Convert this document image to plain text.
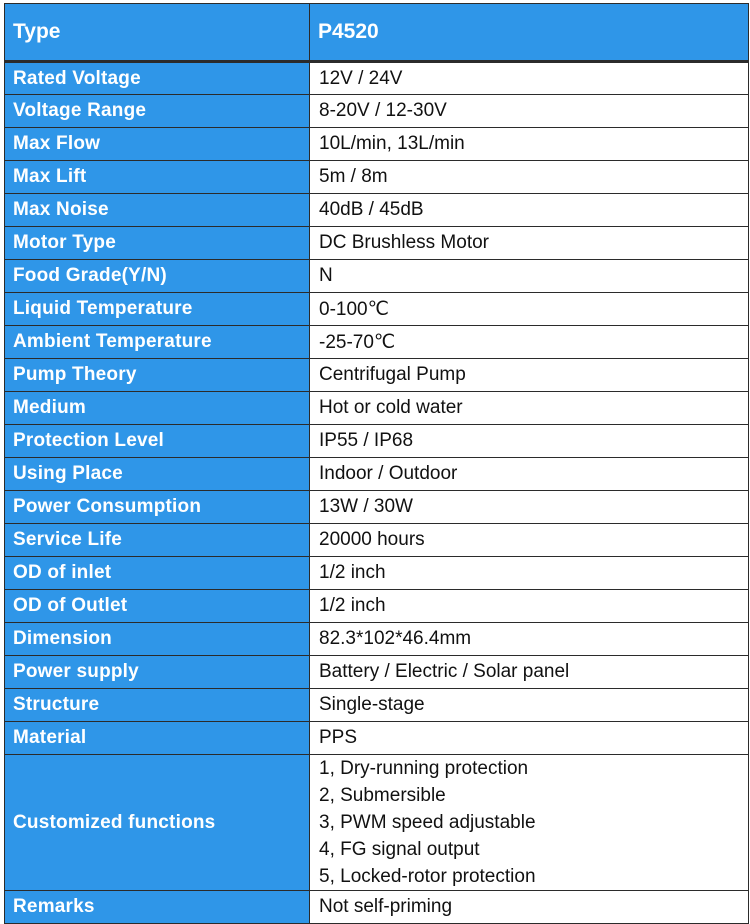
Type	P4520
Rated Voltage	12V / 24V
Voltage Range	8-20V / 12-30V
Max Flow	10L/min, 13L/min
Max Lift	5m / 8m
Max Noise	40dB / 45dB
Motor Type	DC Brushless Motor
Food Grade(Y/N)	N
Liquid Temperature	0-100℃
Ambient Temperature	-25-70℃
Pump Theory	Centrifugal Pump
Medium	Hot or cold water
Protection Level	IP55 / IP68
Using Place	Indoor / Outdoor
Power Consumption	13W / 30W
Service Life	20000 hours
OD of inlet	1/2 inch
OD of Outlet	1/2 inch
Dimension	82.3*102*46.4mm
Power supply	Battery / Electric / Solar panel
Structure	Single-stage
Material	PPS
Customized functions	1, Dry-running protection
2, Submersible
3, PWM speed adjustable
4, FG signal output
5, Locked-rotor protection

Remarks	Not self-priming
